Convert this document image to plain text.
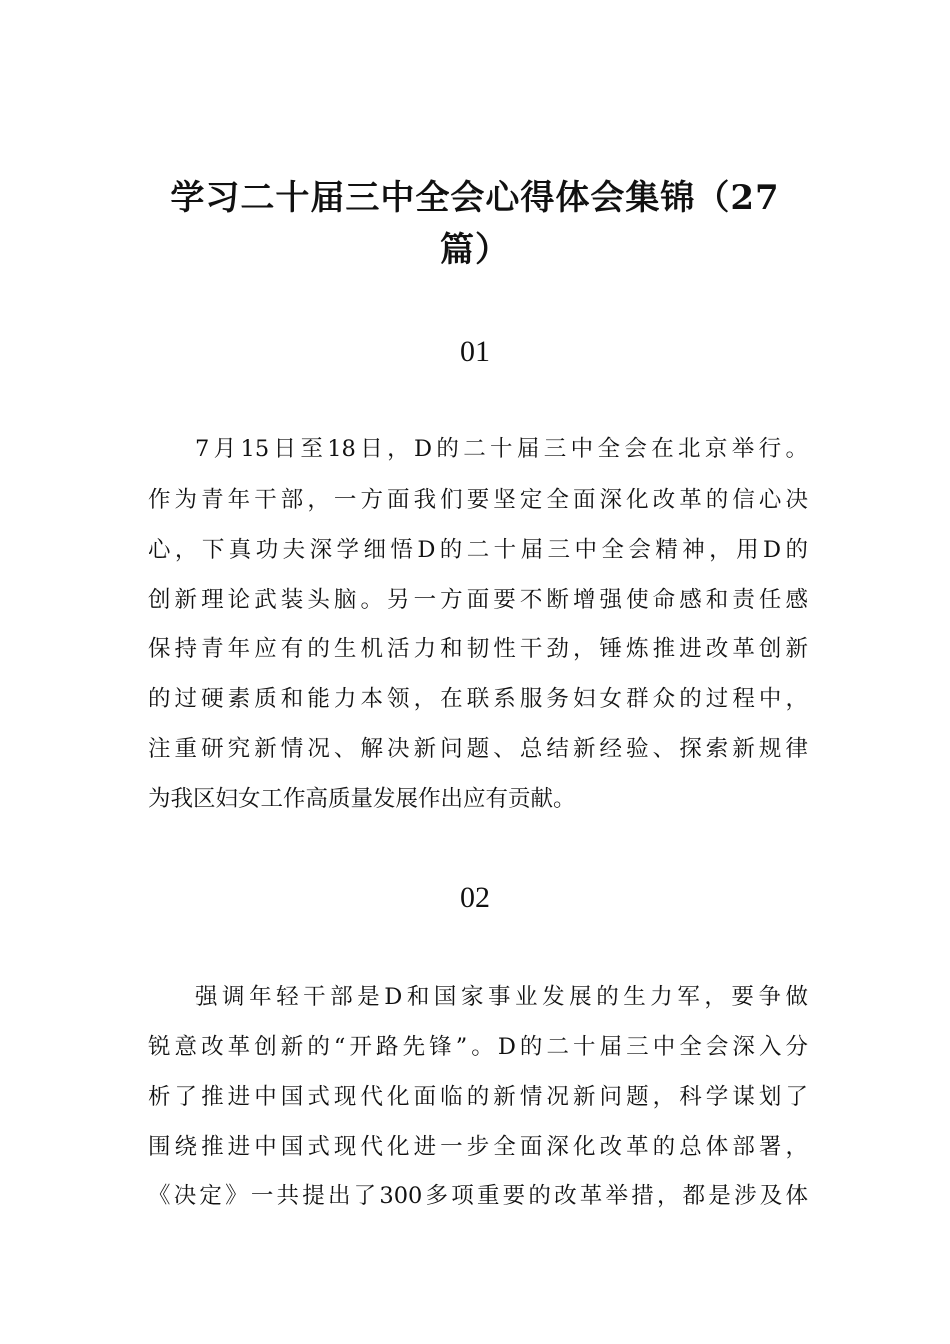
学习二十届三中全会心得体会集锦（27
篇）
01
7月15日至18日，D的二十届三中全会在北京举行。
作为青年干部，一方面我们要坚定全面深化改革的信心决
心，下真功夫深学细悟D的二十届三中全会精神，用D的
创新理论武装头脑。另一方面要不断增强使命感和责任感
保持青年应有的生机活力和韧性干劲，锤炼推进改革创新
的过硬素质和能力本领，在联系服务妇女群众的过程中，
注重研究新情况、解决新问题、总结新经验、探索新规律
为我区妇女工作高质量发展作出应有贡献。
02
强调年轻干部是D和国家事业发展的生力军，要争做
锐意改革创新的“开路先锋”。D的二十届三中全会深入分
析了推进中国式现代化面临的新情况新问题，科学谋划了
围绕推进中国式现代化进一步全面深化改革的总体部署，
《决定》一共提出了300多项重要的改革举措，都是涉及体
